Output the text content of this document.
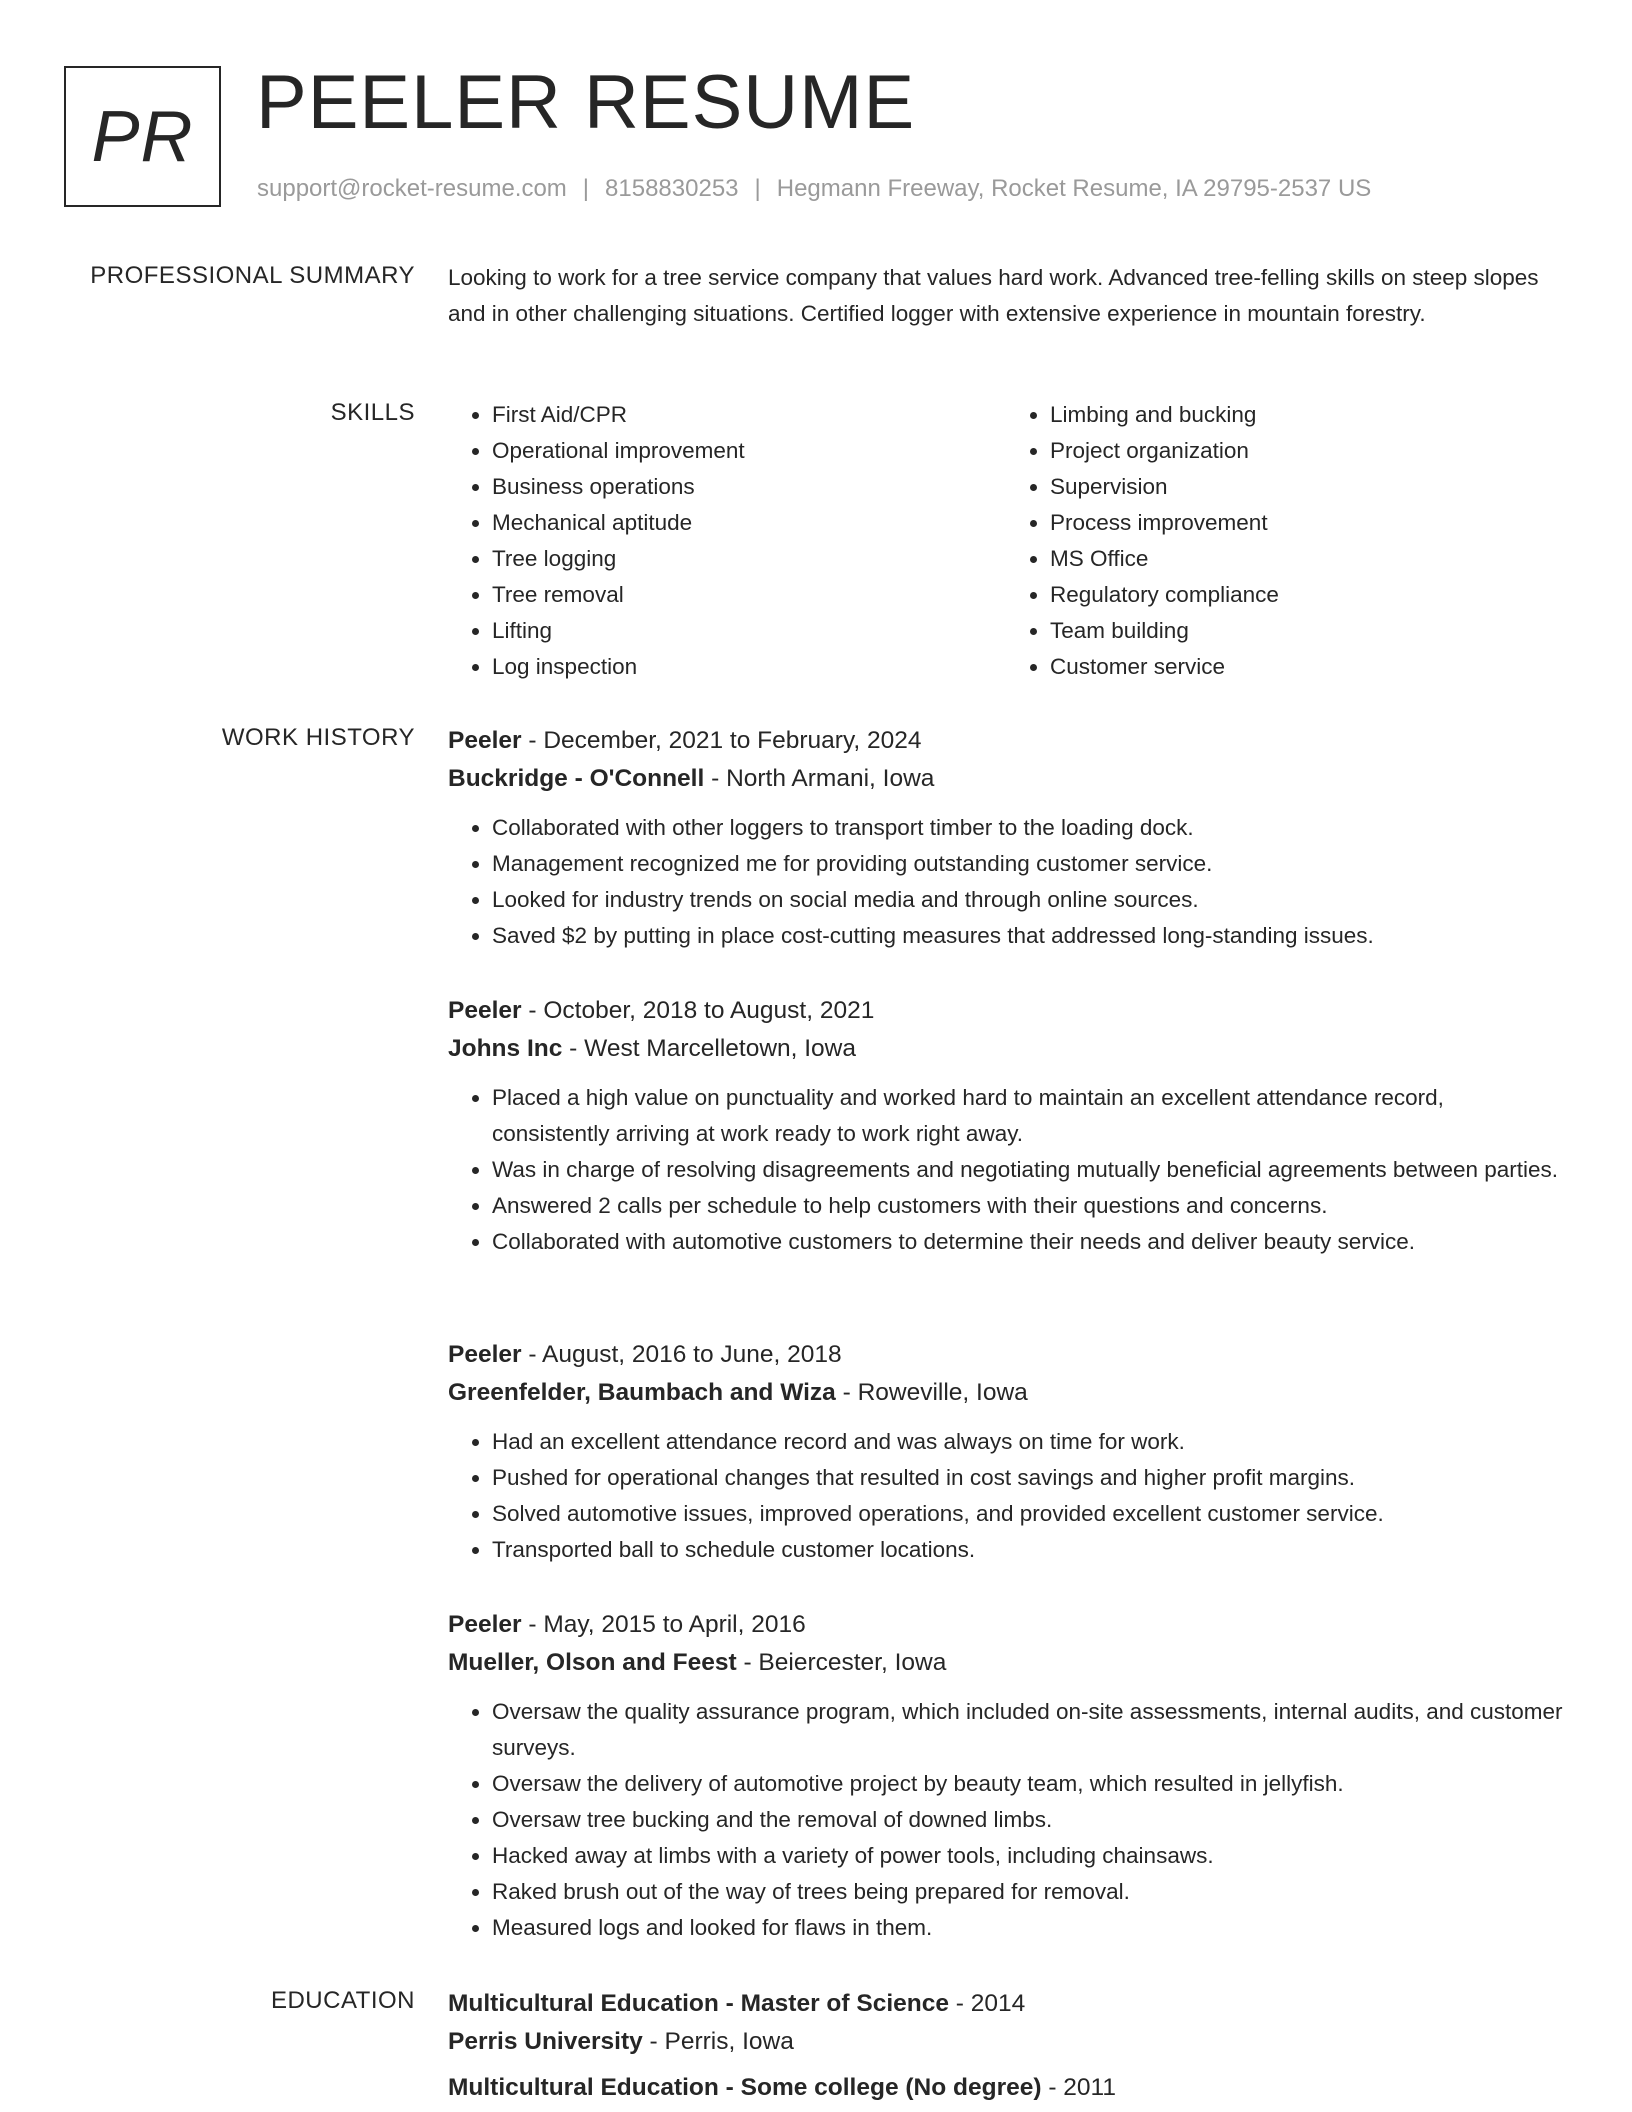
PR PEELER RESUME
support@rocket-resume.com | 8158830253 | Hegmann Freeway, Rocket Resume, IA 29795-2537 US
PROFESSIONAL SUMMARY Looking to work for a tree service company that values hard work. Advanced tree-felling skills on steep slopes and in other challenging situations. Certified logger with extensive experience in mountain forestry.
SKILLS
•	First Aid/CPR
• Operational improvement
• Business operations
• Mechanical aptitude
• Tree logging
• Tree removal
• Lifting
• Log inspection
• Limbing and bucking
• Project organization
• Supervision
• Process improvement
• MS Office
• Regulatory compliance
• Team building
• Customer service
WORK HISTORY Peeler - December, 2021 to February, 2024
Buckridge - O'Connell - North Armani, Iowa
• Collaborated with other loggers to transport timber to the loading dock.
• Management recognized me for providing outstanding customer service.
• Looked for industry trends on social media and through online sources.
• Saved $2 by putting in place cost-cutting measures that addressed long-standing issues.
Peeler - October, 2018 to August, 2021
Johns Inc - West Marcelletown, Iowa
• Placed a high value on punctuality and worked hard to maintain an excellent attendance record, consistently arriving at work ready to work right away.
• Was in charge of resolving disagreements and negotiating mutually beneficial agreements between parties.
• Answered 2 calls per schedule to help customers with their questions and concerns.
• Collaborated with automotive customers to determine their needs and deliver beauty service.
Peeler - August, 2016 to June, 2018
Greenfelder, Baumbach and Wiza - Roweville, Iowa
• Had an excellent attendance record and was always on time for work.
• Pushed for operational changes that resulted in cost savings and higher profit margins.
• Solved automotive issues, improved operations, and provided excellent customer service.
• Transported ball to schedule customer locations.
Peeler - May, 2015 to April, 2016
Mueller, Olson and Feest - Beiercester, Iowa
• Oversaw the quality assurance program, which included on-site assessments, internal audits, and customer surveys.
• Oversaw the delivery of automotive project by beauty team, which resulted in jellyfish.
• Oversaw tree bucking and the removal of downed limbs.
• Hacked away at limbs with a variety of power tools, including chainsaws.
• Raked brush out of the way of trees being prepared for removal.
• Measured logs and looked for flaws in them.
EDUCATION Multicultural Education - Master of Science - 2014
Perris University - Perris, Iowa
Multicultural Education - Some college (No degree) - 2011
